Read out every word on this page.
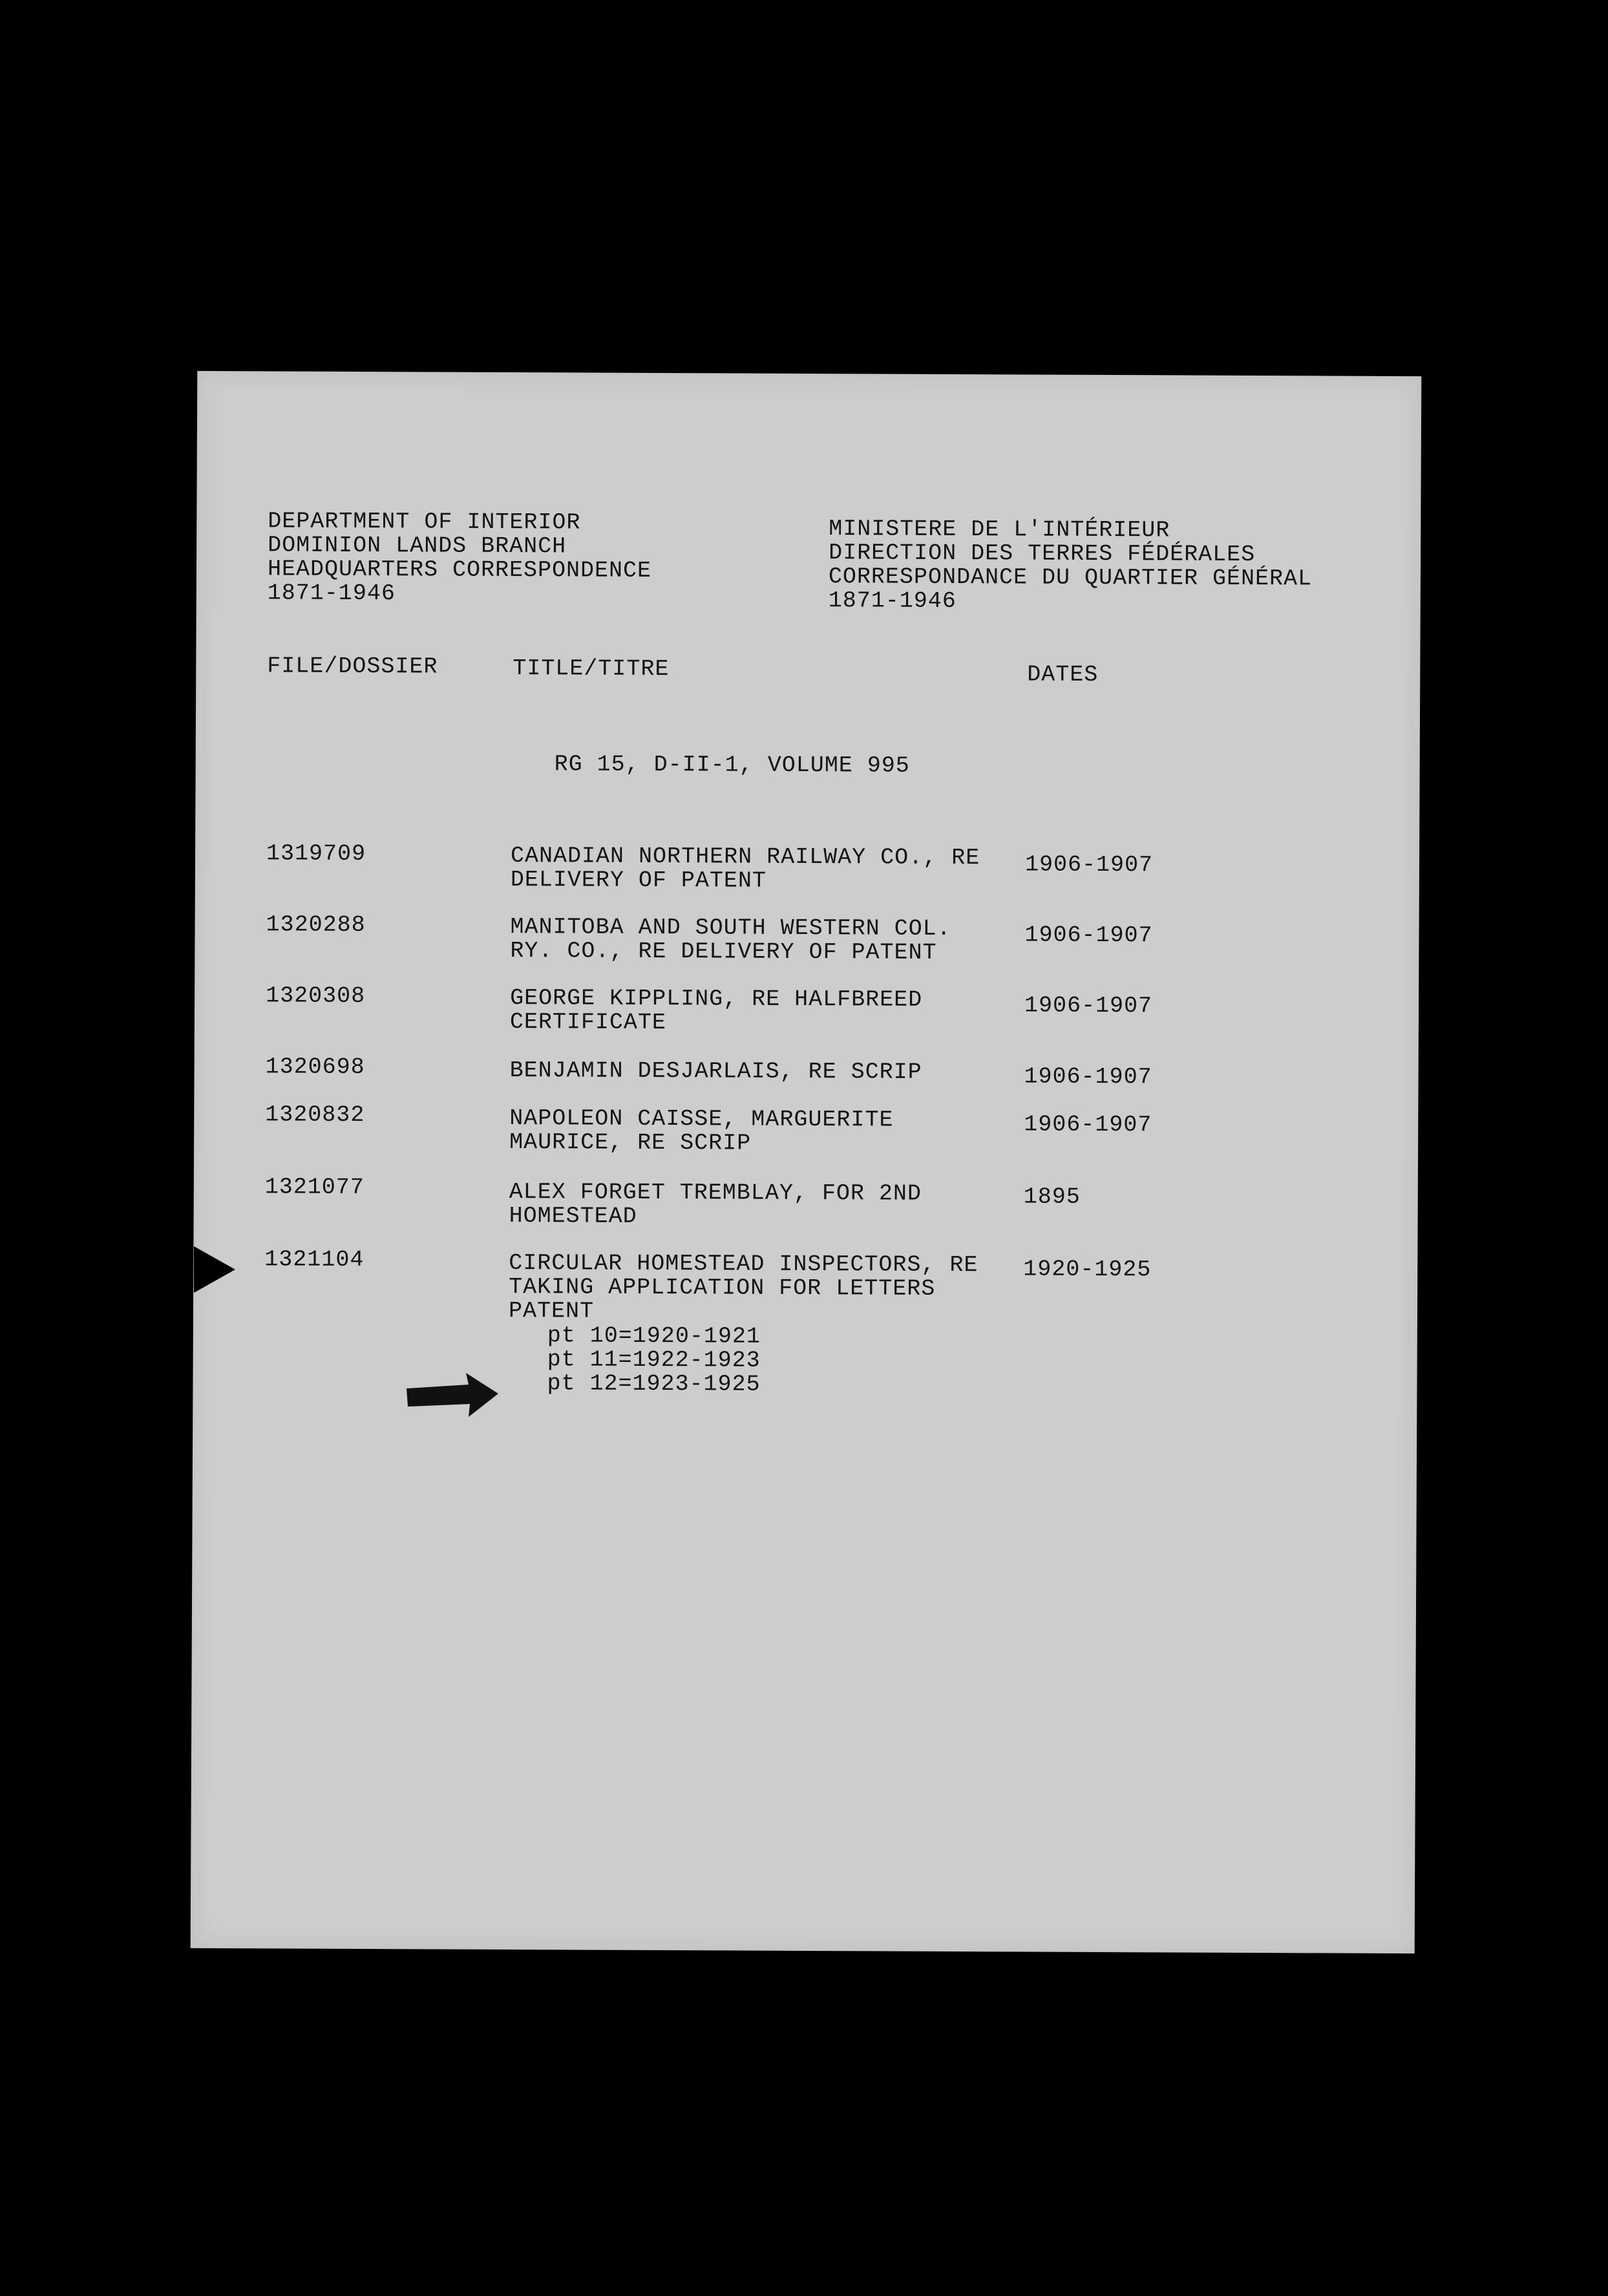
DEPARTMENT OF INTERIOR
DOMINION LANDS BRANCH
HEADQUARTERS CORRESPONDENCE
1871-1946
MINISTERE DE L'INTÉRIEUR
DIRECTION DES TERRES FÉDÉRALES
CORRESPONDANCE DU QUARTIER GÉNÉRAL
1871-1946
FILE/DOSSIER	TITLE/TITRE	DATES
RG 15, D-II-1, VOLUME 995
1319709	CANADIAN NORTHERN RAILWAY CO., RE
DELIVERY OF PATENT
1906-1907
1320288	MANITOBA AND SOUTH WESTERN COL.
RY. CO., RE DELIVERY OF PATENT
1906-1907
1320308	GEORGE KIPPLING, RE HALFBREED
CERTIFICATE
1906-1907
1320698	BENJAMIN DESJARLAIS, RE SCRIP	1906-1907
1320832	NAPOLEON CAISSE, MARGUERITE
MAURICE, RE SCRIP
1906-1907
1321077	ALEX FORGET TREMBLAY, FOR 2ND
HOMESTEAD
1895
1321104	CIRCULAR HOMESTEAD INSPECTORS, RE
TAKING APPLICATION FOR LETTERS
PATENT
1920-1925
pt 10=1920-1921
pt 11=1922-1923
pt 12=1923-1925
